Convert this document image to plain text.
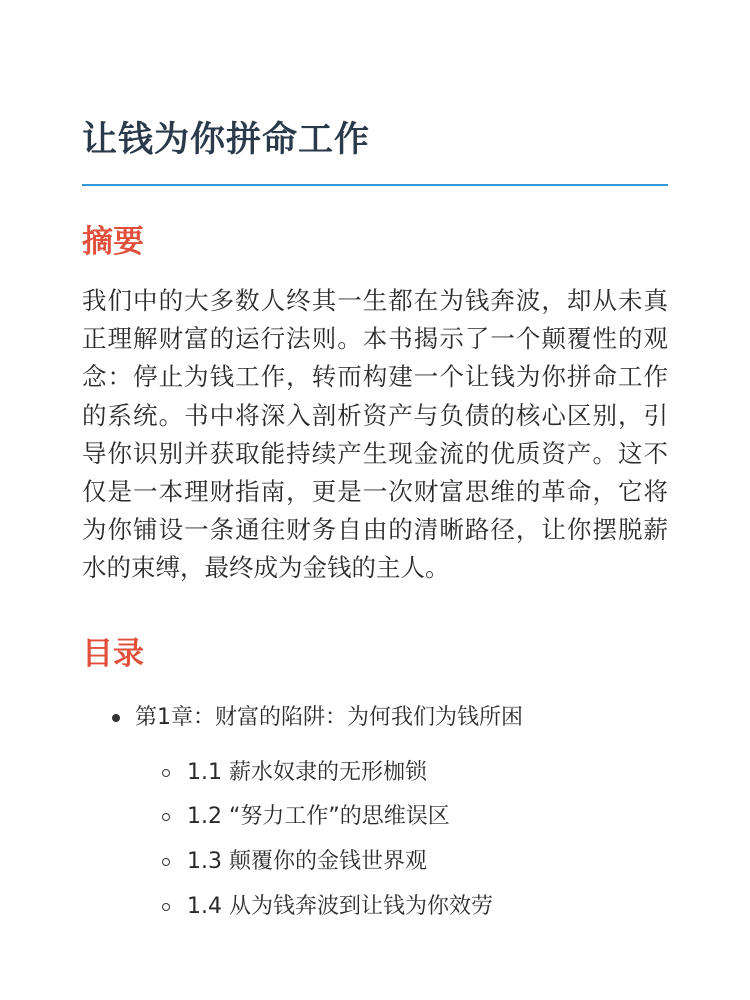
让钱为你拼命工作
摘要

我们中的大多数人终其一生都在为钱奔波，却从未真正理解财富的运行法则。本书揭示了一个颠覆性的观念：停止为钱工作，转而构建一个让钱为你拼命工作的系统。书中将深入剖析资产与负债的核心区别，引导你识别并获取能持续产生现金流的优质资产。这不仅是一本理财指南，更是一次财富思维的革命，它将为你铺设一条通往财务自由的清晰路径，让你摆脱薪水的束缚，最终成为金钱的主人。

目录
第1章：财富的陷阱：为何我们为钱所困
1.1 薪水奴隶的无形枷锁
1.2 “努力工作”的思维误区
1.3 颠覆你的金钱世界观
1.4 从为钱奔波到让钱为你效劳
